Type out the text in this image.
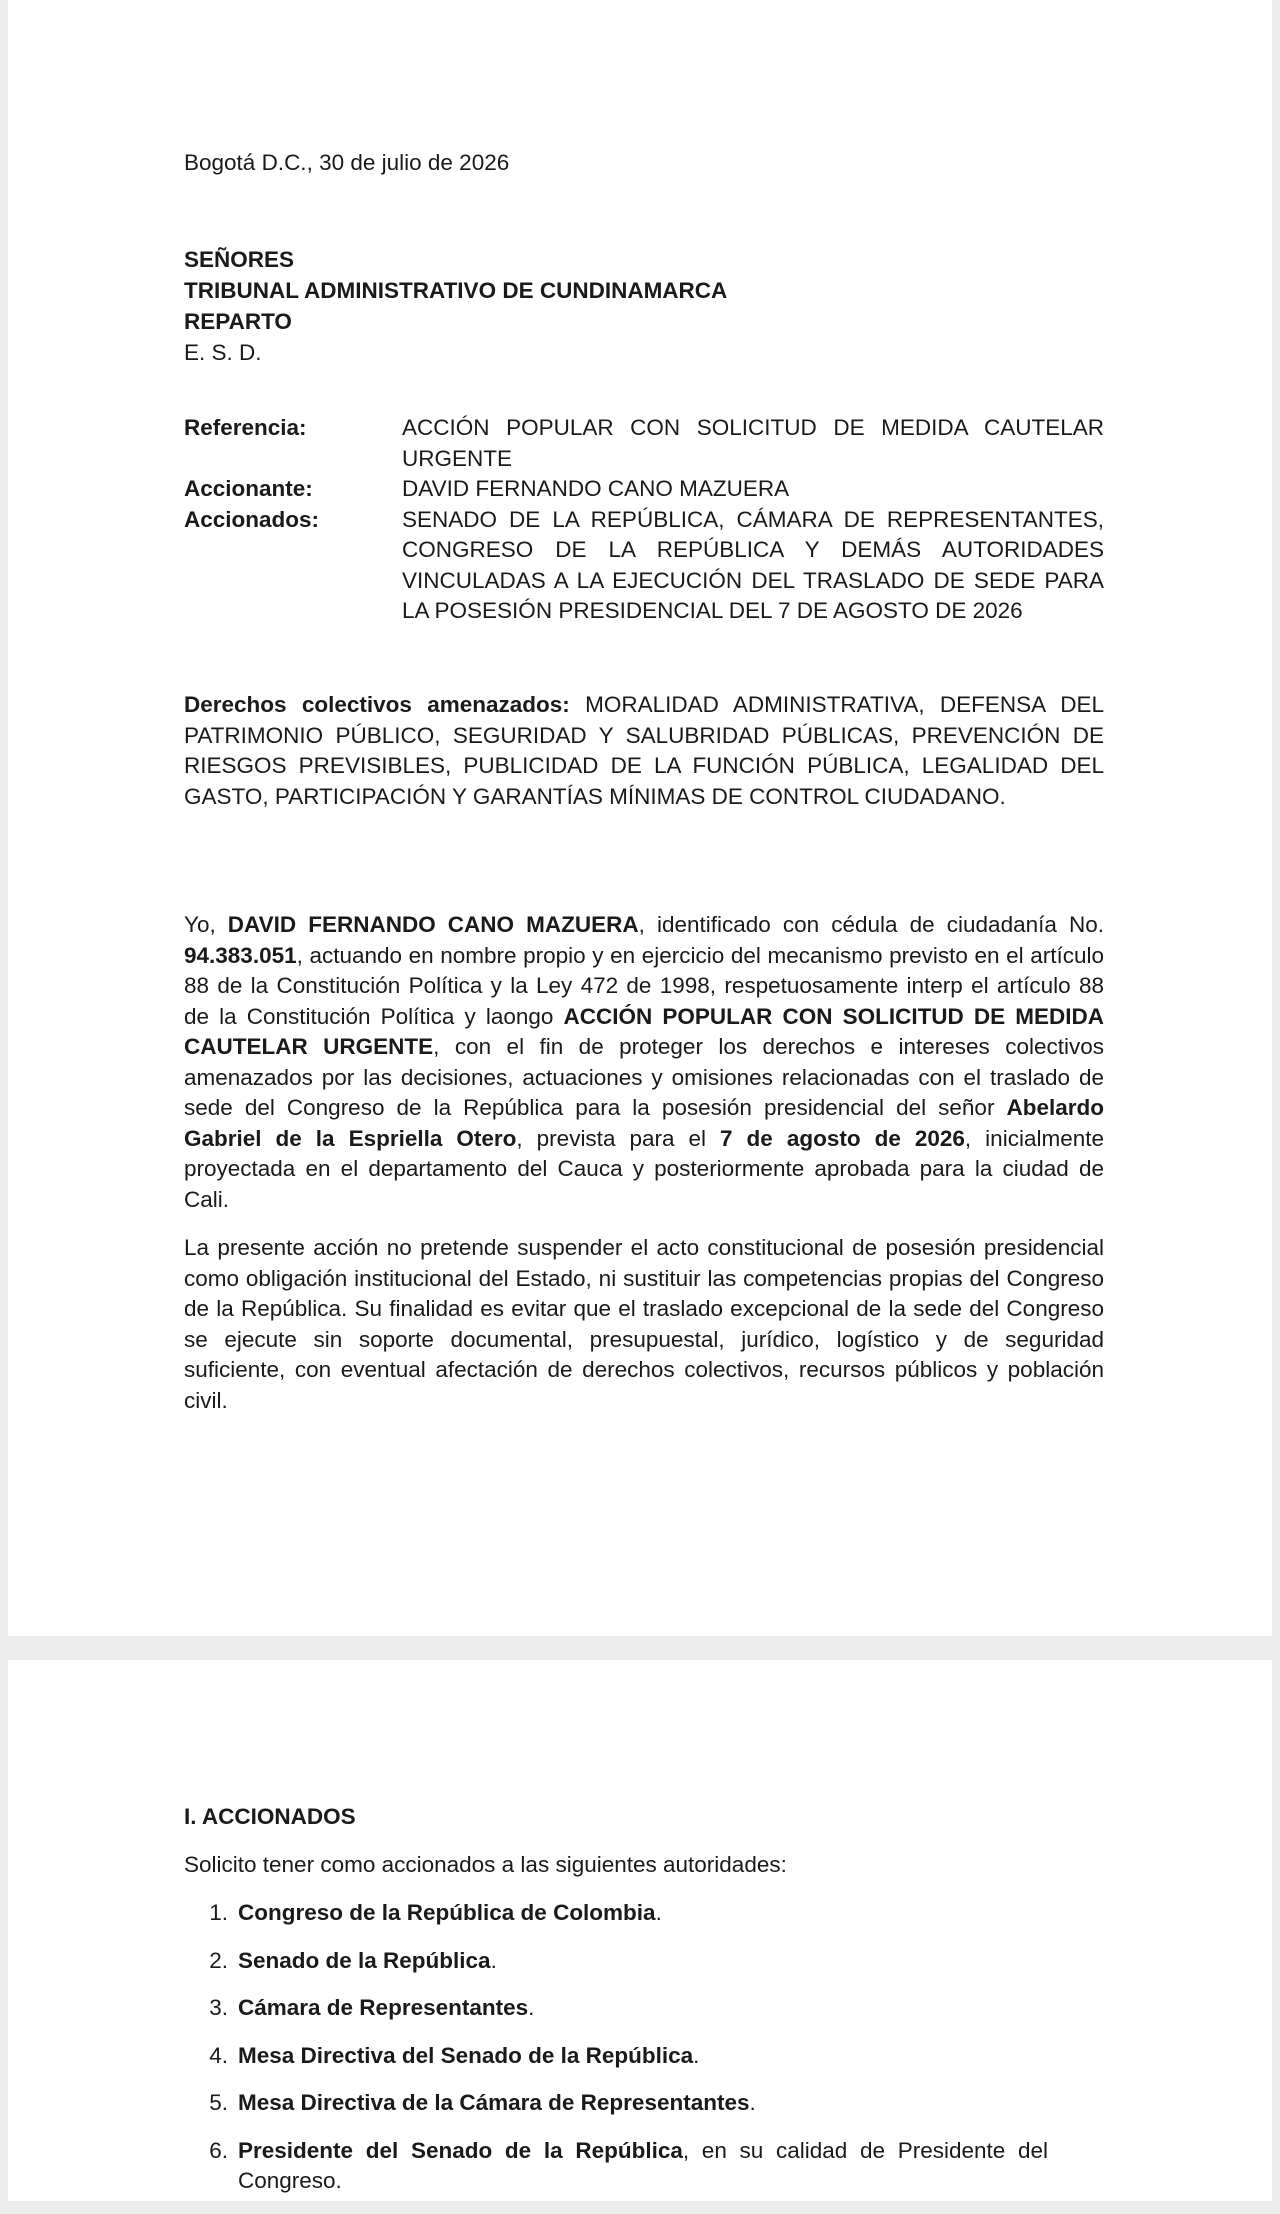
Bogotá D.C., 30 de julio de 2026

SEÑORES
TRIBUNAL ADMINISTRATIVO DE CUNDINAMARCA
REPARTO
E. S. D.
Referencia:	ACCIÓN POPULAR CON SOLICITUD DE MEDIDA CAUTELAR URGENTE
Accionante:	DAVID FERNANDO CANO MAZUERA
Accionados:	SENADO DE LA REPÚBLICA, CÁMARA DE REPRESENTANTES, CONGRESO DE LA REPÚBLICA Y DEMÁS AUTORIDADES VINCULADAS A LA EJECUCIÓN DEL TRASLADO DE SEDE PARA LA POSESIÓN PRESIDENCIAL DEL 7 DE AGOSTO DE 2026

Derechos colectivos amenazados: MORALIDAD ADMINISTRATIVA, DEFENSA DEL PATRIMONIO PÚBLICO, SEGURIDAD Y SALUBRIDAD PÚBLICAS, PREVENCIÓN DE RIESGOS PREVISIBLES, PUBLICIDAD DE LA FUNCIÓN PÚBLICA, LEGALIDAD DEL GASTO, PARTICIPACIÓN Y GARANTÍAS MÍNIMAS DE CONTROL CIUDADANO.

Yo, DAVID FERNANDO CANO MAZUERA, identificado con cédula de ciudadanía No. 94.383.051, actuando en nombre propio y en ejercicio del mecanismo previsto en el artículo 88 de la Constitución Política y la Ley 472 de 1998, respetuosamente interp el artículo 88 de la Constitución Política y laongo ACCIÓN POPULAR CON SOLICITUD DE MEDIDA CAUTELAR URGENTE, con el fin de proteger los derechos e intereses colectivos amenazados por las decisiones, actuaciones y omisiones relacionadas con el traslado de sede del Congreso de la República para la posesión presidencial del señor Abelardo Gabriel de la Espriella Otero, prevista para el 7 de agosto de 2026, inicialmente proyectada en el departamento del Cauca y posteriormente aprobada para la ciudad de Cali.

La presente acción no pretende suspender el acto constitucional de posesión presidencial como obligación institucional del Estado, ni sustituir las competencias propias del Congreso de la República. Su finalidad es evitar que el traslado excepcional de la sede del Congreso se ejecute sin soporte documental, presupuestal, jurídico, logístico y de seguridad suficiente, con eventual afectación de derechos colectivos, recursos públicos y población civil.

I. ACCIONADOS

Solicito tener como accionados a las siguientes autoridades:

1. Congreso de la República de Colombia.
2. Senado de la República.
3. Cámara de Representantes.
4. Mesa Directiva del Senado de la República.
5. Mesa Directiva de la Cámara de Representantes.
6. Presidente del Senado de la República, en su calidad de Presidente del Congreso.
